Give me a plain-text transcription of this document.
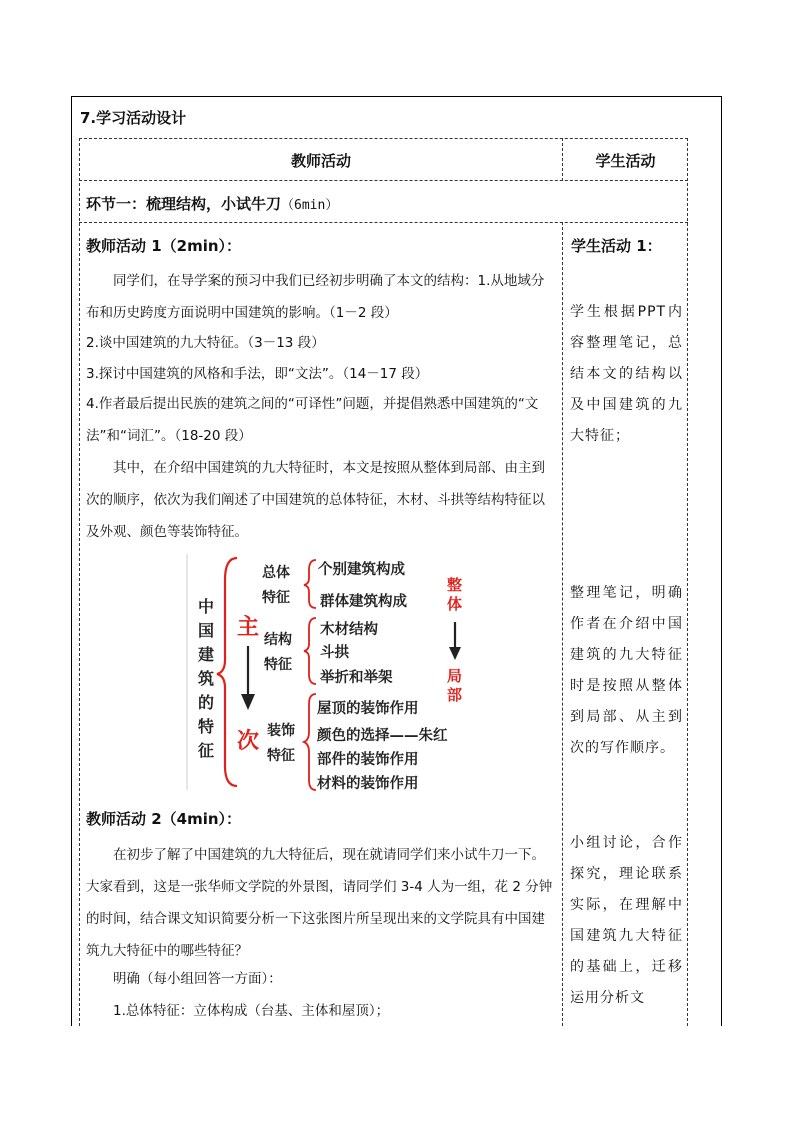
7.学习活动设计
教师活动	学生活动
环节一：梳理结构，小试牛刀（6min）
教师活动 1（2min）：

同学们，在导学案的预习中我们已经初步明确了本文的结构：1.从地域分布和历史跨度方面说明中国建筑的影响。（1－2 段）

2.谈中国建筑的九大特征。（3－13 段）

3.探讨中国建筑的风格和手法，即“文法”。（14－17 段）

4.作者最后提出民族的建筑之间的“可译性”问题，并提倡熟悉中国建筑的“文法”和“词汇”。（18-20 段）

其中，在介绍中国建筑的九大特征时，本文是按照从整体到局部、由主到次的顺序，依次为我们阐述了中国建筑的总体特征，木材、斗拱等结构特征以及外观、颜色等装饰特征。

中
国
建
筑
的
特
征
主
次
总体
特征
结构
特征
装饰
特征
个别建筑构成
群体建筑构成
木材结构
斗拱
举折和举架
屋顶的装饰作用
颜色的选择——朱红
部件的装饰作用
材料的装饰作用
整
体
局
部
教师活动 2（4min）：

在初步了解了中国建筑的九大特征后，现在就请同学们来小试牛刀一下。大家看到，这是一张华师文学院的外景图，请同学们 3-4 人为一组，花 2 分钟的时间，结合课文知识简要分析一下这张图片所呈现出来的文学院具有中国建筑九大特征中的哪些特征？

明确（每小组回答一方面）：

1.总体特征：立体构成（台基、主体和屋顶）；

学生活动 1：

学生根据PPT内容整理笔记，总结本文的结构以及中国建筑的九大特征；

整理笔记，明确作者在介绍中国建筑的九大特征时是按照从整体到局部、从主到次的写作顺序。

小组讨论，合作探究，理论联系实际，在理解中国建筑九大特征的基础上，迁移运用分析文
